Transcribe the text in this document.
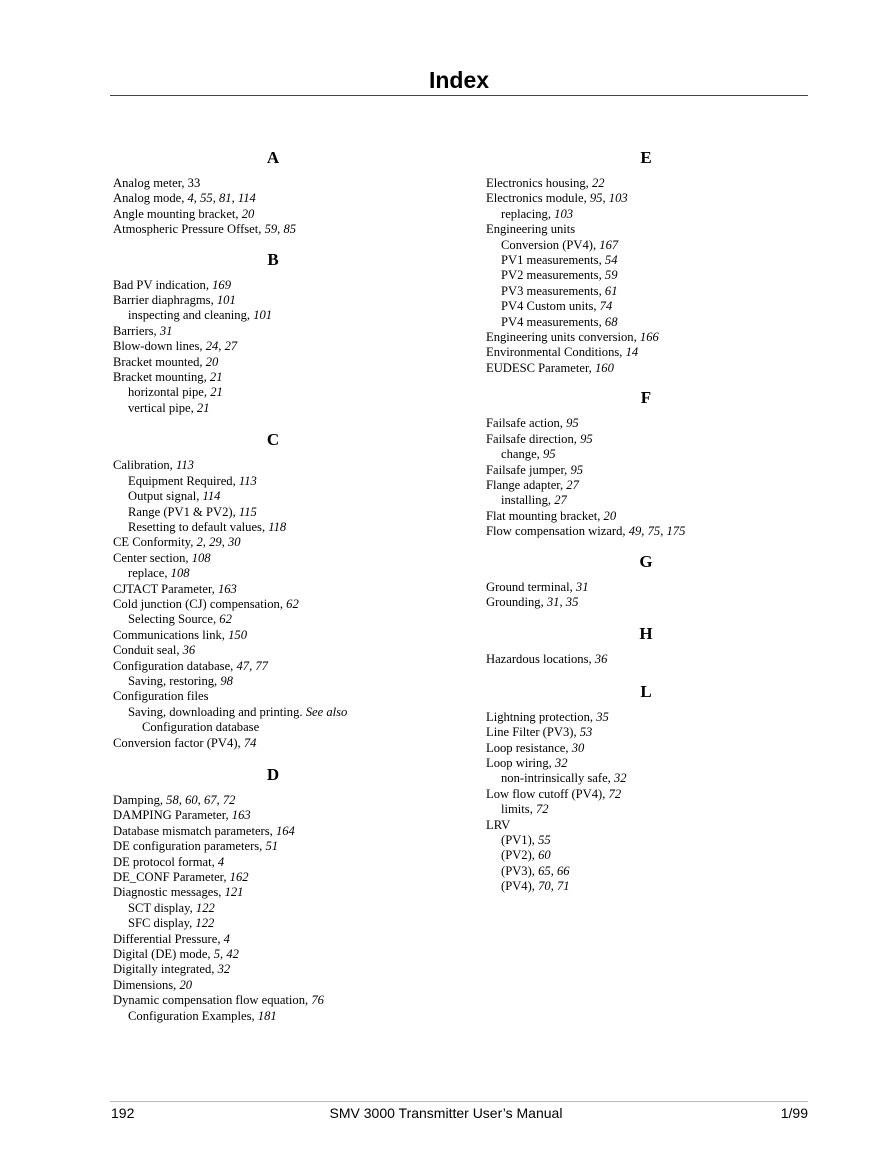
Index
A
Analog meter, 33
Analog mode, 4, 55, 81, 114
Angle mounting bracket, 20
Atmospheric Pressure Offset, 59, 85
B
Bad PV indication, 169
Barrier diaphragms, 101
inspecting and cleaning, 101
Barriers, 31
Blow-down lines, 24, 27
Bracket mounted, 20
Bracket mounting, 21
horizontal pipe, 21
vertical pipe, 21
C
Calibration, 113
Equipment Required, 113
Output signal, 114
Range (PV1 & PV2), 115
Resetting to default values, 118
CE Conformity, 2, 29, 30
Center section, 108
replace, 108
CJTACT Parameter, 163
Cold junction (CJ) compensation, 62
Selecting Source, 62
Communications link, 150
Conduit seal, 36
Configuration database, 47, 77
Saving, restoring, 98
Configuration files
Saving, downloading and printing. See also
Configuration database
Conversion factor (PV4), 74
D
Damping, 58, 60, 67, 72
DAMPING Parameter, 163
Database mismatch parameters, 164
DE configuration parameters, 51
DE protocol format, 4
DE_CONF Parameter, 162
Diagnostic messages, 121
SCT display, 122
SFC display, 122
Differential Pressure, 4
Digital (DE) mode, 5, 42
Digitally integrated, 32
Dimensions, 20
Dynamic compensation flow equation, 76
Configuration Examples, 181
E
Electronics housing, 22
Electronics module, 95, 103
replacing, 103
Engineering units
Conversion (PV4), 167
PV1 measurements, 54
PV2 measurements, 59
PV3 measurements, 61
PV4 Custom units, 74
PV4 measurements, 68
Engineering units conversion, 166
Environmental Conditions, 14
EUDESC Parameter, 160
F
Failsafe action, 95
Failsafe direction, 95
change, 95
Failsafe jumper, 95
Flange adapter, 27
installing, 27
Flat mounting bracket, 20
Flow compensation wizard, 49, 75, 175
G
Ground terminal, 31
Grounding, 31, 35
H
Hazardous locations, 36
L
Lightning protection, 35
Line Filter (PV3), 53
Loop resistance, 30
Loop wiring, 32
non-intrinsically safe, 32
Low flow cutoff (PV4), 72
limits, 72
LRV
(PV1), 55
(PV2), 60
(PV3), 65, 66
(PV4), 70, 71
192	SMV 3000 Transmitter User’s Manual	1/99
